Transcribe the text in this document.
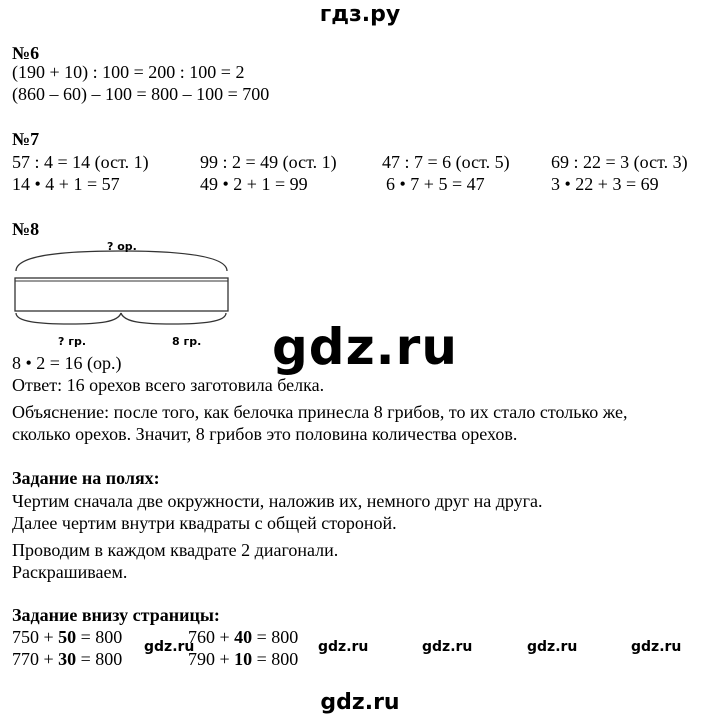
гдз.ру
№6
(190 + 10) : 100 = 200 : 100 = 2
(860 – 60) – 100 = 800 – 100 = 700
№7
57 : 4 = 14 (ост. 1)	99 : 2 = 49 (ост. 1)	47 : 7 = 6 (ост. 5) 69 : 22 = 3 (ост. 3)
14 • 4 + 1 = 57	49 • 2 + 1 = 99	6 • 7 + 5 = 47	3 • 22 + 3 = 69
№8
? ор.
? гр.	8 гр. gdz.ru
8 • 2 = 16 (ор.)
Ответ: 16 орехов всего заготовила белка.
Объяснение: после того, как белочка принесла 8 грибов, то их стало столько же,
сколько орехов. Значит, 8 грибов это половина количества орехов.
Задание на полях:
Чертим сначала две окружности, наложив их, немного друг на друга.
Далее чертим внутри квадраты с общей стороной.
Проводим в каждом квадрате 2 диагонали.
Раскрашиваем.
Задание внизу страницы:
750 + 50 = 800	760 + 40 = 800
770 + 30 = 800	790 + 10 = 800
gdz.ru	gdz.ru	gdz.ru	gdz.ru	gdz.ru
gdz.ru
